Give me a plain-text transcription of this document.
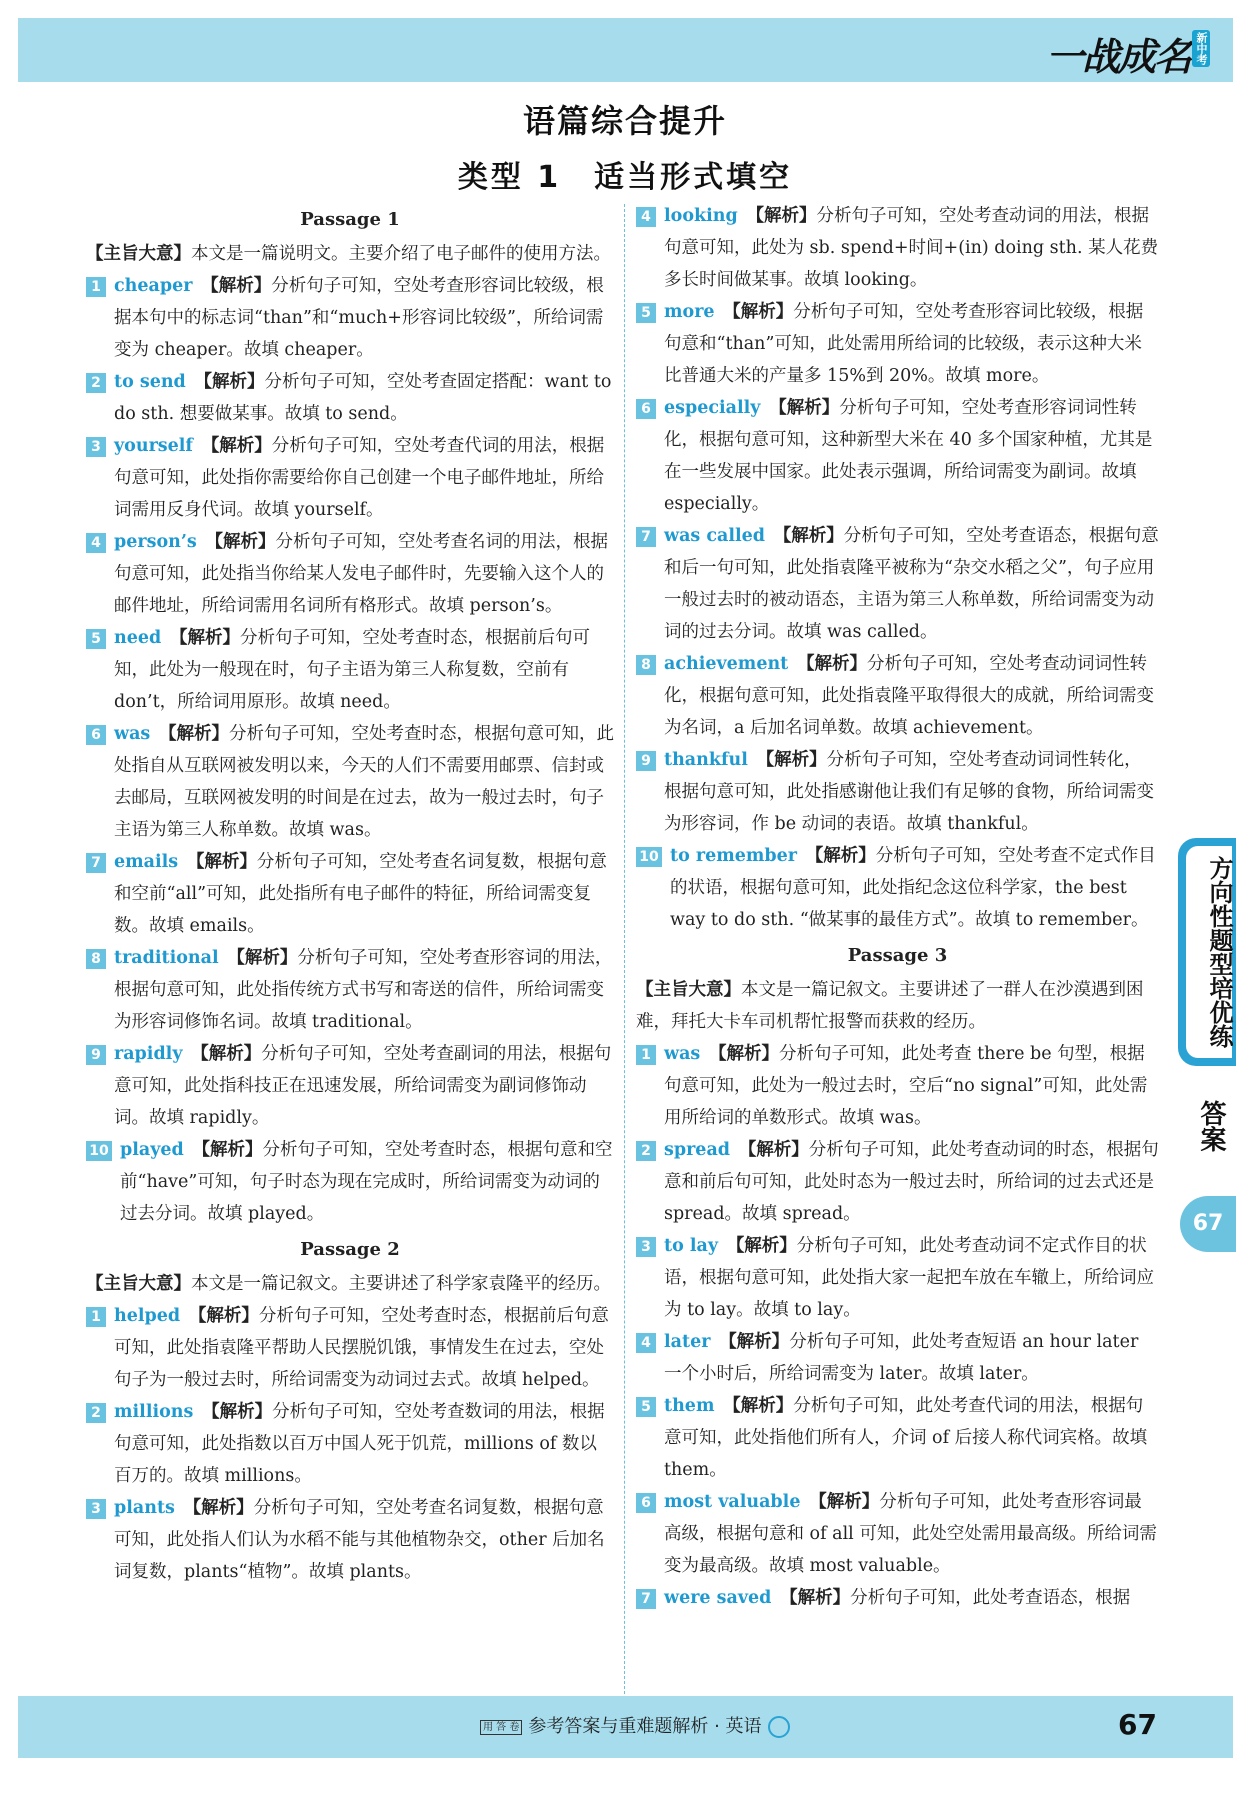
一战成名 新中考
语篇综合提升
类型 1　适当形式填空
Passage 1

【主旨大意】本文是一篇说明文。主要介绍了电子邮件的使用方法。

1 cheaper　 【解析】分析句子可知，空处考查形容词比较级，根据本句中的标志词“than”和“much+形容词比较级”，所给词需变为 cheaper。故填 cheaper。

2 to send　 【解析】分析句子可知，空处考查固定搭配：want to do sth. 想要做某事。故填 to send。

3 yourself　 【解析】分析句子可知，空处考查代词的用法，根据句意可知，此处指你需要给你自己创建一个电子邮件地址，所给词需用反身代词。故填 yourself。

4 person’s　 【解析】分析句子可知，空处考查名词的用法，根据句意可知，此处指当你给某人发电子邮件时，先要输入这个人的邮件地址，所给词需用名词所有格形式。故填 person’s。

5 need　 【解析】分析句子可知，空处考查时态，根据前后句可知，此处为一般现在时，句子主语为第三人称复数，空前有 don’t，所给词用原形。故填 need。

6 was　 【解析】分析句子可知，空处考查时态，根据句意可知，此处指自从互联网被发明以来，今天的人们不需要用邮票、信封或去邮局，互联网被发明的时间是在过去，故为一般过去时，句子主语为第三人称单数。故填 was。

7 emails　 【解析】分析句子可知，空处考查名词复数，根据句意和空前“all”可知，此处指所有电子邮件的特征，所给词需变复数。故填 emails。

8 traditional　 【解析】分析句子可知，空处考查形容词的用法，根据句意可知，此处指传统方式书写和寄送的信件，所给词需变为形容词修饰名词。故填 traditional。

9 rapidly　 【解析】分析句子可知，空处考查副词的用法，根据句意可知，此处指科技正在迅速发展，所给词需变为副词修饰动词。故填 rapidly。

10 played　 【解析】分析句子可知，空处考查时态，根据句意和空前“have”可知，句子时态为现在完成时，所给词需变为动词的过去分词。故填 played。

Passage 2

【主旨大意】本文是一篇记叙文。主要讲述了科学家袁隆平的经历。

1 helped　 【解析】分析句子可知，空处考查时态，根据前后句意可知，此处指袁隆平帮助人民摆脱饥饿，事情发生在过去，空处句子为一般过去时，所给词需变为动词过去式。故填 helped。

2 millions　 【解析】分析句子可知，空处考查数词的用法，根据句意可知，此处指数以百万中国人死于饥荒，millions of 数以百万的。故填 millions。

3 plants　 【解析】分析句子可知，空处考查名词复数，根据句意可知，此处指人们认为水稻不能与其他植物杂交，other 后加名词复数，plants“植物”。故填 plants。

4 looking　 【解析】分析句子可知，空处考查动词的用法，根据句意可知，此处为 sb. spend+时间+(in) doing sth. 某人花费多长时间做某事。故填 looking。

5 more　 【解析】分析句子可知，空处考查形容词比较级，根据句意和“than”可知，此处需用所给词的比较级，表示这种大米比普通大米的产量多 15%到 20%。故填 more。

6 especially　 【解析】分析句子可知，空处考查形容词词性转化，根据句意可知，这种新型大米在 40 多个国家种植，尤其是在一些发展中国家。此处表示强调，所给词需变为副词。故填 especially。

7 was called　 【解析】分析句子可知，空处考查语态，根据句意和后一句可知，此处指袁隆平被称为“杂交水稻之父”，句子应用一般过去时的被动语态，主语为第三人称单数，所给词需变为动词的过去分词。故填 was called。

8 achievement　 【解析】分析句子可知，空处考查动词词性转化，根据句意可知，此处指袁隆平取得很大的成就，所给词需变为名词，a 后加名词单数。故填 achievement。

9 thankful　 【解析】分析句子可知，空处考查动词词性转化，根据句意可知，此处指感谢他让我们有足够的食物，所给词需变为形容词，作 be 动词的表语。故填 thankful。

10 to remember　 【解析】分析句子可知，空处考查不定式作目的状语，根据句意可知，此处指纪念这位科学家，the best way to do sth. “做某事的最佳方式”。故填 to remember。

Passage 3

【主旨大意】本文是一篇记叙文。主要讲述了一群人在沙漠遇到困难，拜托大卡车司机帮忙报警而获救的经历。

1 was　 【解析】分析句子可知，此处考查 there be 句型，根据句意可知，此处为一般过去时，空后“no signal”可知，此处需用所给词的单数形式。故填 was。

2 spread　 【解析】分析句子可知，此处考查动词的时态，根据句意和前后句可知，此处时态为一般过去时，所给词的过去式还是 spread。故填 spread。

3 to lay　 【解析】分析句子可知，此处考查动词不定式作目的状语，根据句意可知，此处指大家一起把车放在车辙上，所给词应为 to lay。故填 to lay。

4 later　 【解析】分析句子可知，此处考查短语 an hour later 一个小时后，所给词需变为 later。故填 later。

5 them　 【解析】分析句子可知，此处考查代词的用法，根据句意可知，此处指他们所有人，介词 of 后接人称代词宾格。故填 them。

6 most valuable　 【解析】分析句子可知，此处考查形容词最高级，根据句意和 of all 可知，此处空处需用最高级。所给词需变为最高级。故填 most valuable。

7 were saved　 【解析】分析句子可知，此处考查语态，根据

方向性题型培优练
答案
67
用 答 卷 参考答案与重难题解析 · 英语	67
